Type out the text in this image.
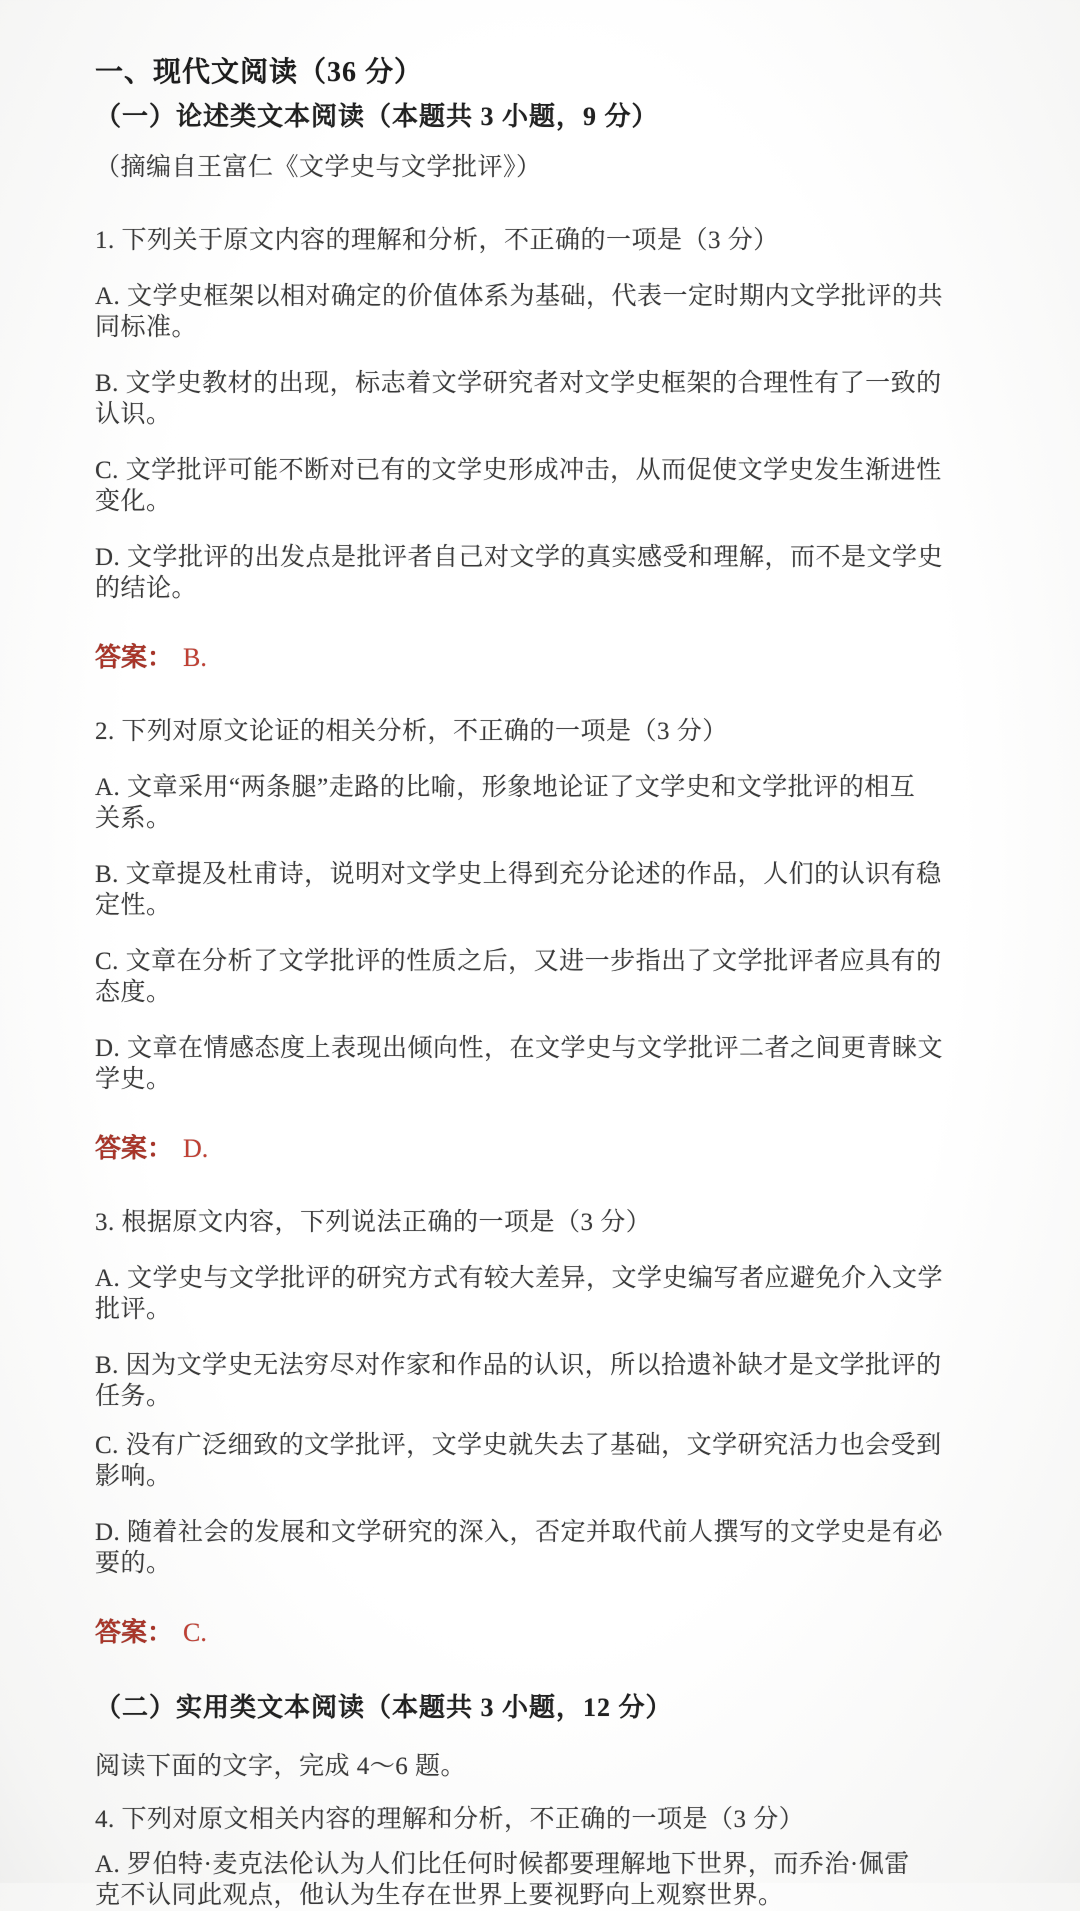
一、现代文阅读（36 分）
（一）论述类文本阅读（本题共 3 小题，9 分）

（摘编自王富仁《文学史与文学批评》）

1. 下列关于原文内容的理解和分析，不正确的一项是（3 分）

A. 文学史框架以相对确定的价值体系为基础，代表一定时期内文学批评的共
同标准。

B. 文学史教材的出现，标志着文学研究者对文学史框架的合理性有了一致的
认识。

C. 文学批评可能不断对已有的文学史形成冲击，从而促使文学史发生渐进性
变化。

D. 文学批评的出发点是批评者自己对文学的真实感受和理解，而不是文学史
的结论。

答案： B.

2. 下列对原文论证的相关分析，不正确的一项是（3 分）

A. 文章采用“两条腿”走路的比喻，形象地论证了文学史和文学批评的相互
关系。

B. 文章提及杜甫诗，说明对文学史上得到充分论述的作品，人们的认识有稳
定性。

C. 文章在分析了文学批评的性质之后，又进一步指出了文学批评者应具有的
态度。

D. 文章在情感态度上表现出倾向性，在文学史与文学批评二者之间更青睐文
学史。

答案： D.

3. 根据原文内容，下列说法正确的一项是（3 分）

A. 文学史与文学批评的研究方式有较大差异，文学史编写者应避免介入文学
批评。

B. 因为文学史无法穷尽对作家和作品的认识，所以拾遗补缺才是文学批评的
任务。

C. 没有广泛细致的文学批评，文学史就失去了基础，文学研究活力也会受到
影响。

D. 随着社会的发展和文学研究的深入，否定并取代前人撰写的文学史是有必
要的。

答案： C.

（二）实用类文本阅读（本题共 3 小题，12 分）

阅读下面的文字，完成 4～6 题。

4. 下列对原文相关内容的理解和分析，不正确的一项是（3 分）

A. 罗伯特·麦克法伦认为人们比任何时候都要理解地下世界，而乔治·佩雷
克不认同此观点，他认为生存在世界上要视野向上观察世界。
